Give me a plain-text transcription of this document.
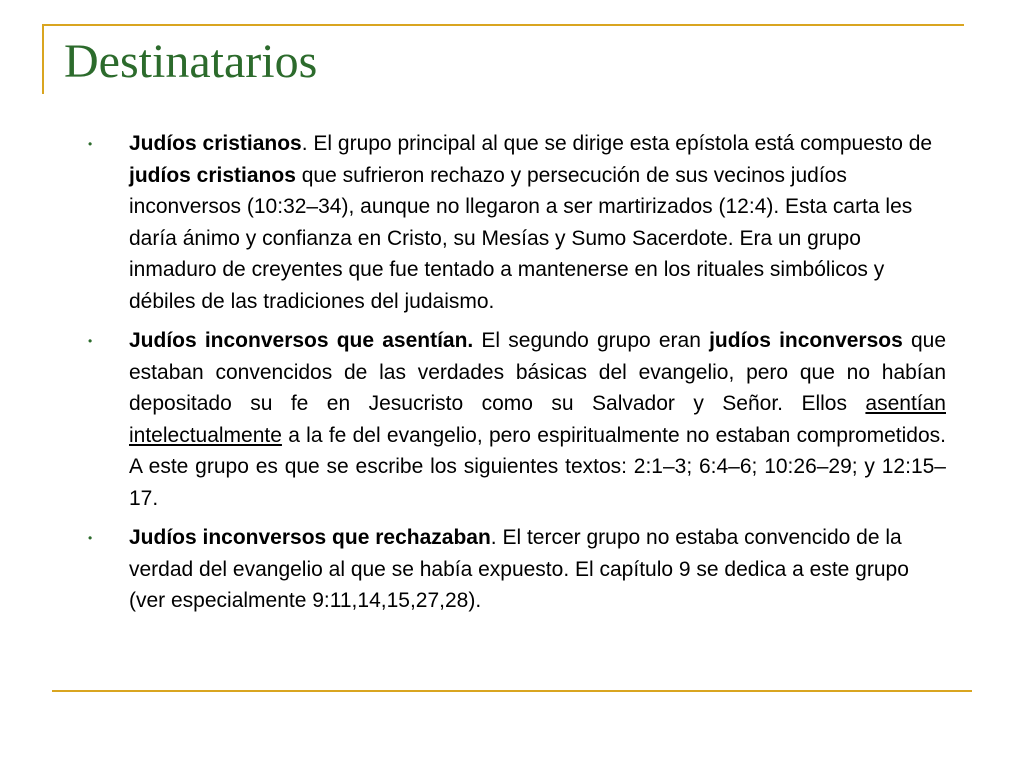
Destinatarios
• Judíos cristianos. El grupo principal al que se dirige esta epístola está compuesto de judíos cristianos que sufrieron rechazo y persecución de sus vecinos judíos inconversos (10:32–34), aunque no llegaron a ser martirizados (12:4). Esta carta les daría ánimo y confianza en Cristo, su Mesías y Sumo Sacerdote. Era un grupo inmaduro de creyentes que fue tentado a mantenerse en los rituales simbólicos y débiles de las tradiciones del judaismo.
• Judíos inconversos que asentían. El segundo grupo eran judíos inconversos que estaban convencidos de las verdades básicas del evangelio, pero que no habían depositado su fe en Jesucristo como su Salvador y Señor. Ellos asentían intelectualmente a la fe del evangelio, pero espiritualmente no estaban comprometidos. A este grupo es que se escribe los siguientes textos: 2:1–3; 6:4–6; 10:26–29; y 12:15–17.
• Judíos inconversos que rechazaban. El tercer grupo no estaba convencido de la verdad del evangelio al que se había expuesto. El capítulo 9 se dedica a este grupo (ver especialmente 9:11,14,15,27,28).
